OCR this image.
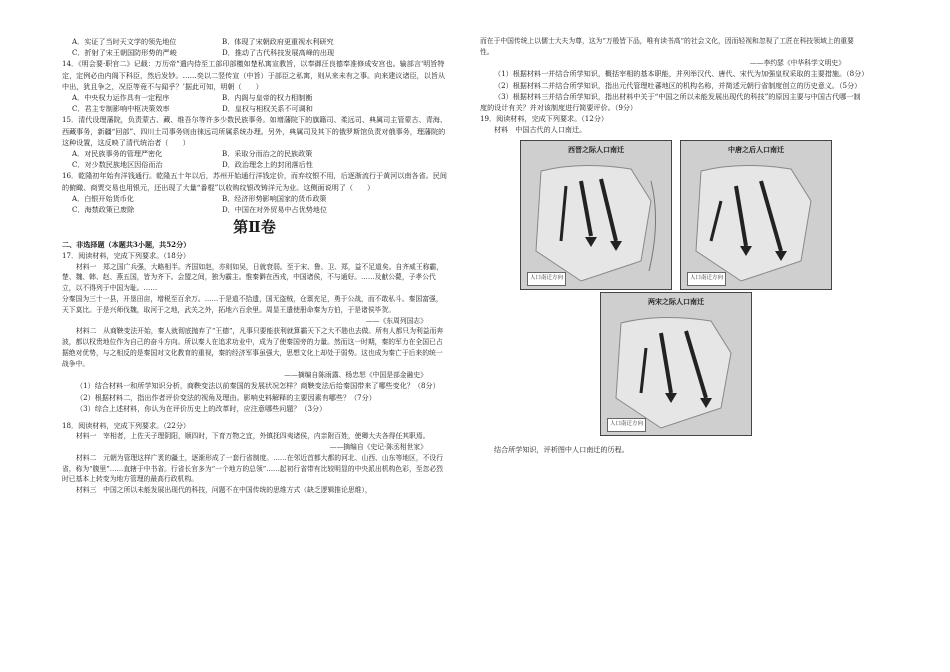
A．实证了当时天文学的领先地位	B．体现了宋朝政府更重视水利研究
C．折射了宋王朝国防形势的严峻	D．推动了古代科技发展高峰的出现

14．《明会要·职官二》记载：万历帝“遣内侍至工部印部檄如楚私寓宣教旨，以奉御汪良德奉准修成安宫也。输部言‘明旨特定，定例必由内阁下科臣，然后发钞。……奕以二竖传宣（中旨）于部臣之私寓，则从来未有之事。向来建议诸臣，以旨从中出，犹且争之，况臣等竟不与闻乎？’据此可知，明朝（　　）

A．中央权力运作具有一定程序	B．内阁与皇帝的权力相制衡
C．君主专制影响中枢决策效率	D．皇权与相权关系不可调和

15．清代设理藩院，负责蒙古、藏、维吾尔等许多少数民族事务。如增藩院下的旗籍司、柔远司、典属司主管蒙古、青海、西藏事务，新疆“回部”、四川土司事务则由徕远司所属系统办理。另外，典属司及其下的俄罗斯馆负责对俄事务，理藩院的这种设置，这反映了清代统治者（　　）

A．对民族事务的管理严密化	B．采取分而治之的民族政策
C．对少数民族地区因俗而治	D．政治理念上的封闭落后性

16．乾隆初年始有洋钱通行。乾隆五十年以后，苏州开始通行洋钱定价，而弃纹银不用，后逐渐流行于黄河以南各省。民间的俯瞰、商贾交易也用银元，还出现了大量“番棍”以收购纹银改铸洋元为业。这侧面说明了（　　）

A．白银开始货币化	B．经济形势影响国家的货币政策
C．海禁政策已废除	D．中国在对外贸易中占优势地位
第Ⅱ卷

二、非选择题（本题共3小题，共52分）

17．阅读材料，完成下列要求。（18分）

材料一　郑之国广兵强，大略相半。齐国如赵，亦则如吴，日就衰弱。至于宋、鲁、卫、郑，益不足道矣。自齐威王称霸，楚、魏、韩、赵、燕五国，皆为齐下。会盟之间，独为霸主。惟秦僻在西戎，中国诸侯，不与通好。……及献公薨，子孝公代立，以不得列于中国为耻。……

分秦国为三十一县，开垦田亩，增税至百余万。……于是道不拾遗，国无盗贼，仓禀充足，勇于公战，而不敢私斗。秦国富强，天下莫比。于是兴师伐魏，取河于之地，武关之外，拓地六百余里。周显王遣使册命秦为方伯，于是诸侯毕贺。

——《东周列国志》

材料二　从商鞅变法开始，秦人就彻底抛弃了“王德”，凡事只要能获利就算霸天下之大不韪也去做。所有人都只为利益而奔波，都以权贵地位作为自己的奋斗方向。所以秦人在追求功业中，成为了使秦国旁的力量。然而这一时期，秦的军力在全国已占据绝对优势，与之相反的是秦国对文化教育的重视，秦的经济军事虽强大，思想文化上却处于弱势。这也成为秦亡于后来的统一战争中。

——摘编自陈雨露、杨忠恕《中国是部金融史》

（1）结合材料一和所学知识分析，商鞅变法以前秦国的发展状况怎样？商鞅变法后给秦国带来了哪些变化？（8分）

（2）根据材料二，指出作者评价变法的视角及理由。影响史料解释的主要因素有哪些？（7分）

（3）综合上述材料，你认为在评价历史上的改革时，应注意哪些问题？（3分）

18．阅读材料，完成下列要求。（22分）

材料一　宰相者，上佐天子理阴阳，顺四时，下育万物之宜，外镇抚四夷诸侯，内亲附百姓，使卿大夫各得任其职焉。

——摘编自《史记·陈丞相世家》

材料二　元朝为管理这样广袤的疆土，逐渐形成了一套行省制度。……在邻近首都大都的河北、山西、山东等地区，不设行省，称为“腹里”……直辖于中书省。行省长官多为“一个地方的总领”……起初行省带有比较明显的中央派出机构色彩，至忽必烈时已基本上转变为地方管理的最高行政机构。

材料三　中国之所以未能发展出现代的科技，问题不在中国传统的思维方式（缺乏逻辑推论思维），

而在于中国传统上以儒士大夫为尊，这为“万般皆下品，唯有读书高”的社会文化，因而轻视和忽视了工匠在科技领域上的重要性。

——李约瑟《中华科学文明史》

（1）根据材料一并结合所学知识，概括宰相的基本职能，并列举汉代、唐代、宋代为加强皇权采取的主要措施。（8分）

（2）根据材料二并结合所学知识，指出元代管理吐蕃地区的机构名称，并简述元朝行省制度创立的历史意义。（5分）

（3）根据材料三并结合所学知识，指出材料中关于“中国之所以未能发展出现代的科技”的原因主要与中国古代哪一制度的设计有关？并对该制度进行简要评价。（9分）

19．阅读材料，完成下列要求。（12分）

材料　中国古代的人口南迁。

西晋之际人口南迁
人口南迁方向
中唐之后人口南迁
人口南迁方向
两宋之际人口南迁
人口南迁方向

结合所学知识，评析图中人口南迁的历程。
